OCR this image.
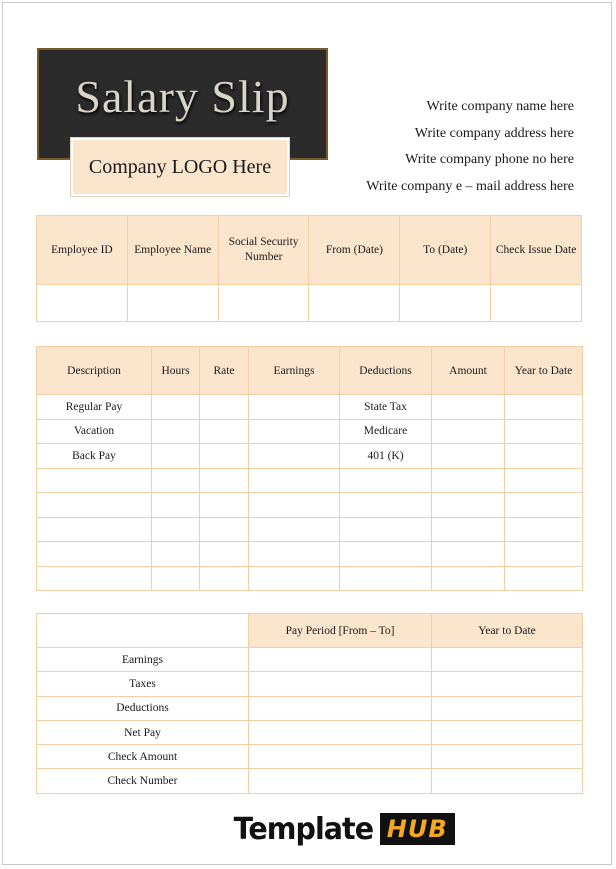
Salary Slip
Company LOGO Here
Write company name here
Write company address here
Write company phone no here
Write company e – mail address here
Employee ID	Employee Name	Social Security Number	From (Date)	To (Date)	Check Issue Date

Description	Hours	Rate	Earnings	Deductions	Amount	Year to Date
Regular Pay				State Tax		
Vacation				Medicare		
Back Pay				401 (K)		

	Pay Period [From – To]	Year to Date
Earnings		
Taxes		
Deductions		
Net Pay		
Check Amount		
Check Number		
Template HUB
